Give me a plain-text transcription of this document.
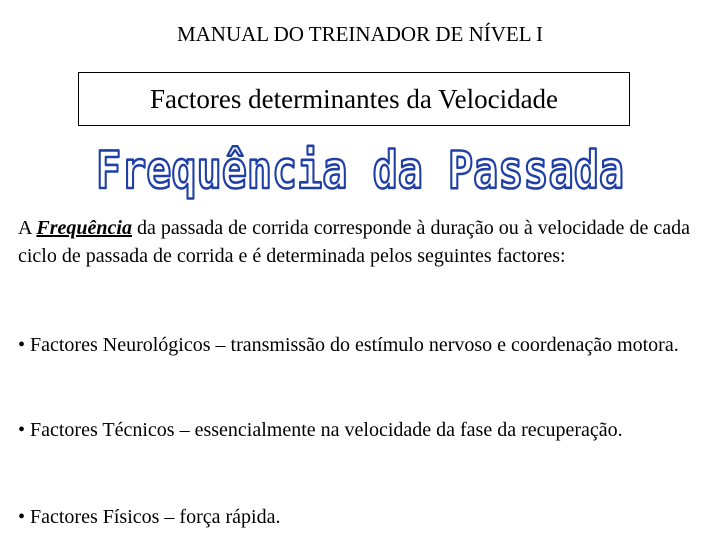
MANUAL DO TREINADOR DE NÍVEL I
Factores determinantes da Velocidade
Frequência da Passada
A Frequência da passada de corrida corresponde à duração ou à velocidade de cada ciclo de passada de corrida e é determinada pelos seguintes factores:
• Factores Neurológicos – transmissão do estímulo nervoso e coordenação motora.
• Factores Técnicos – essencialmente na velocidade da fase da recuperação.
• Factores Físicos – força rápida.
